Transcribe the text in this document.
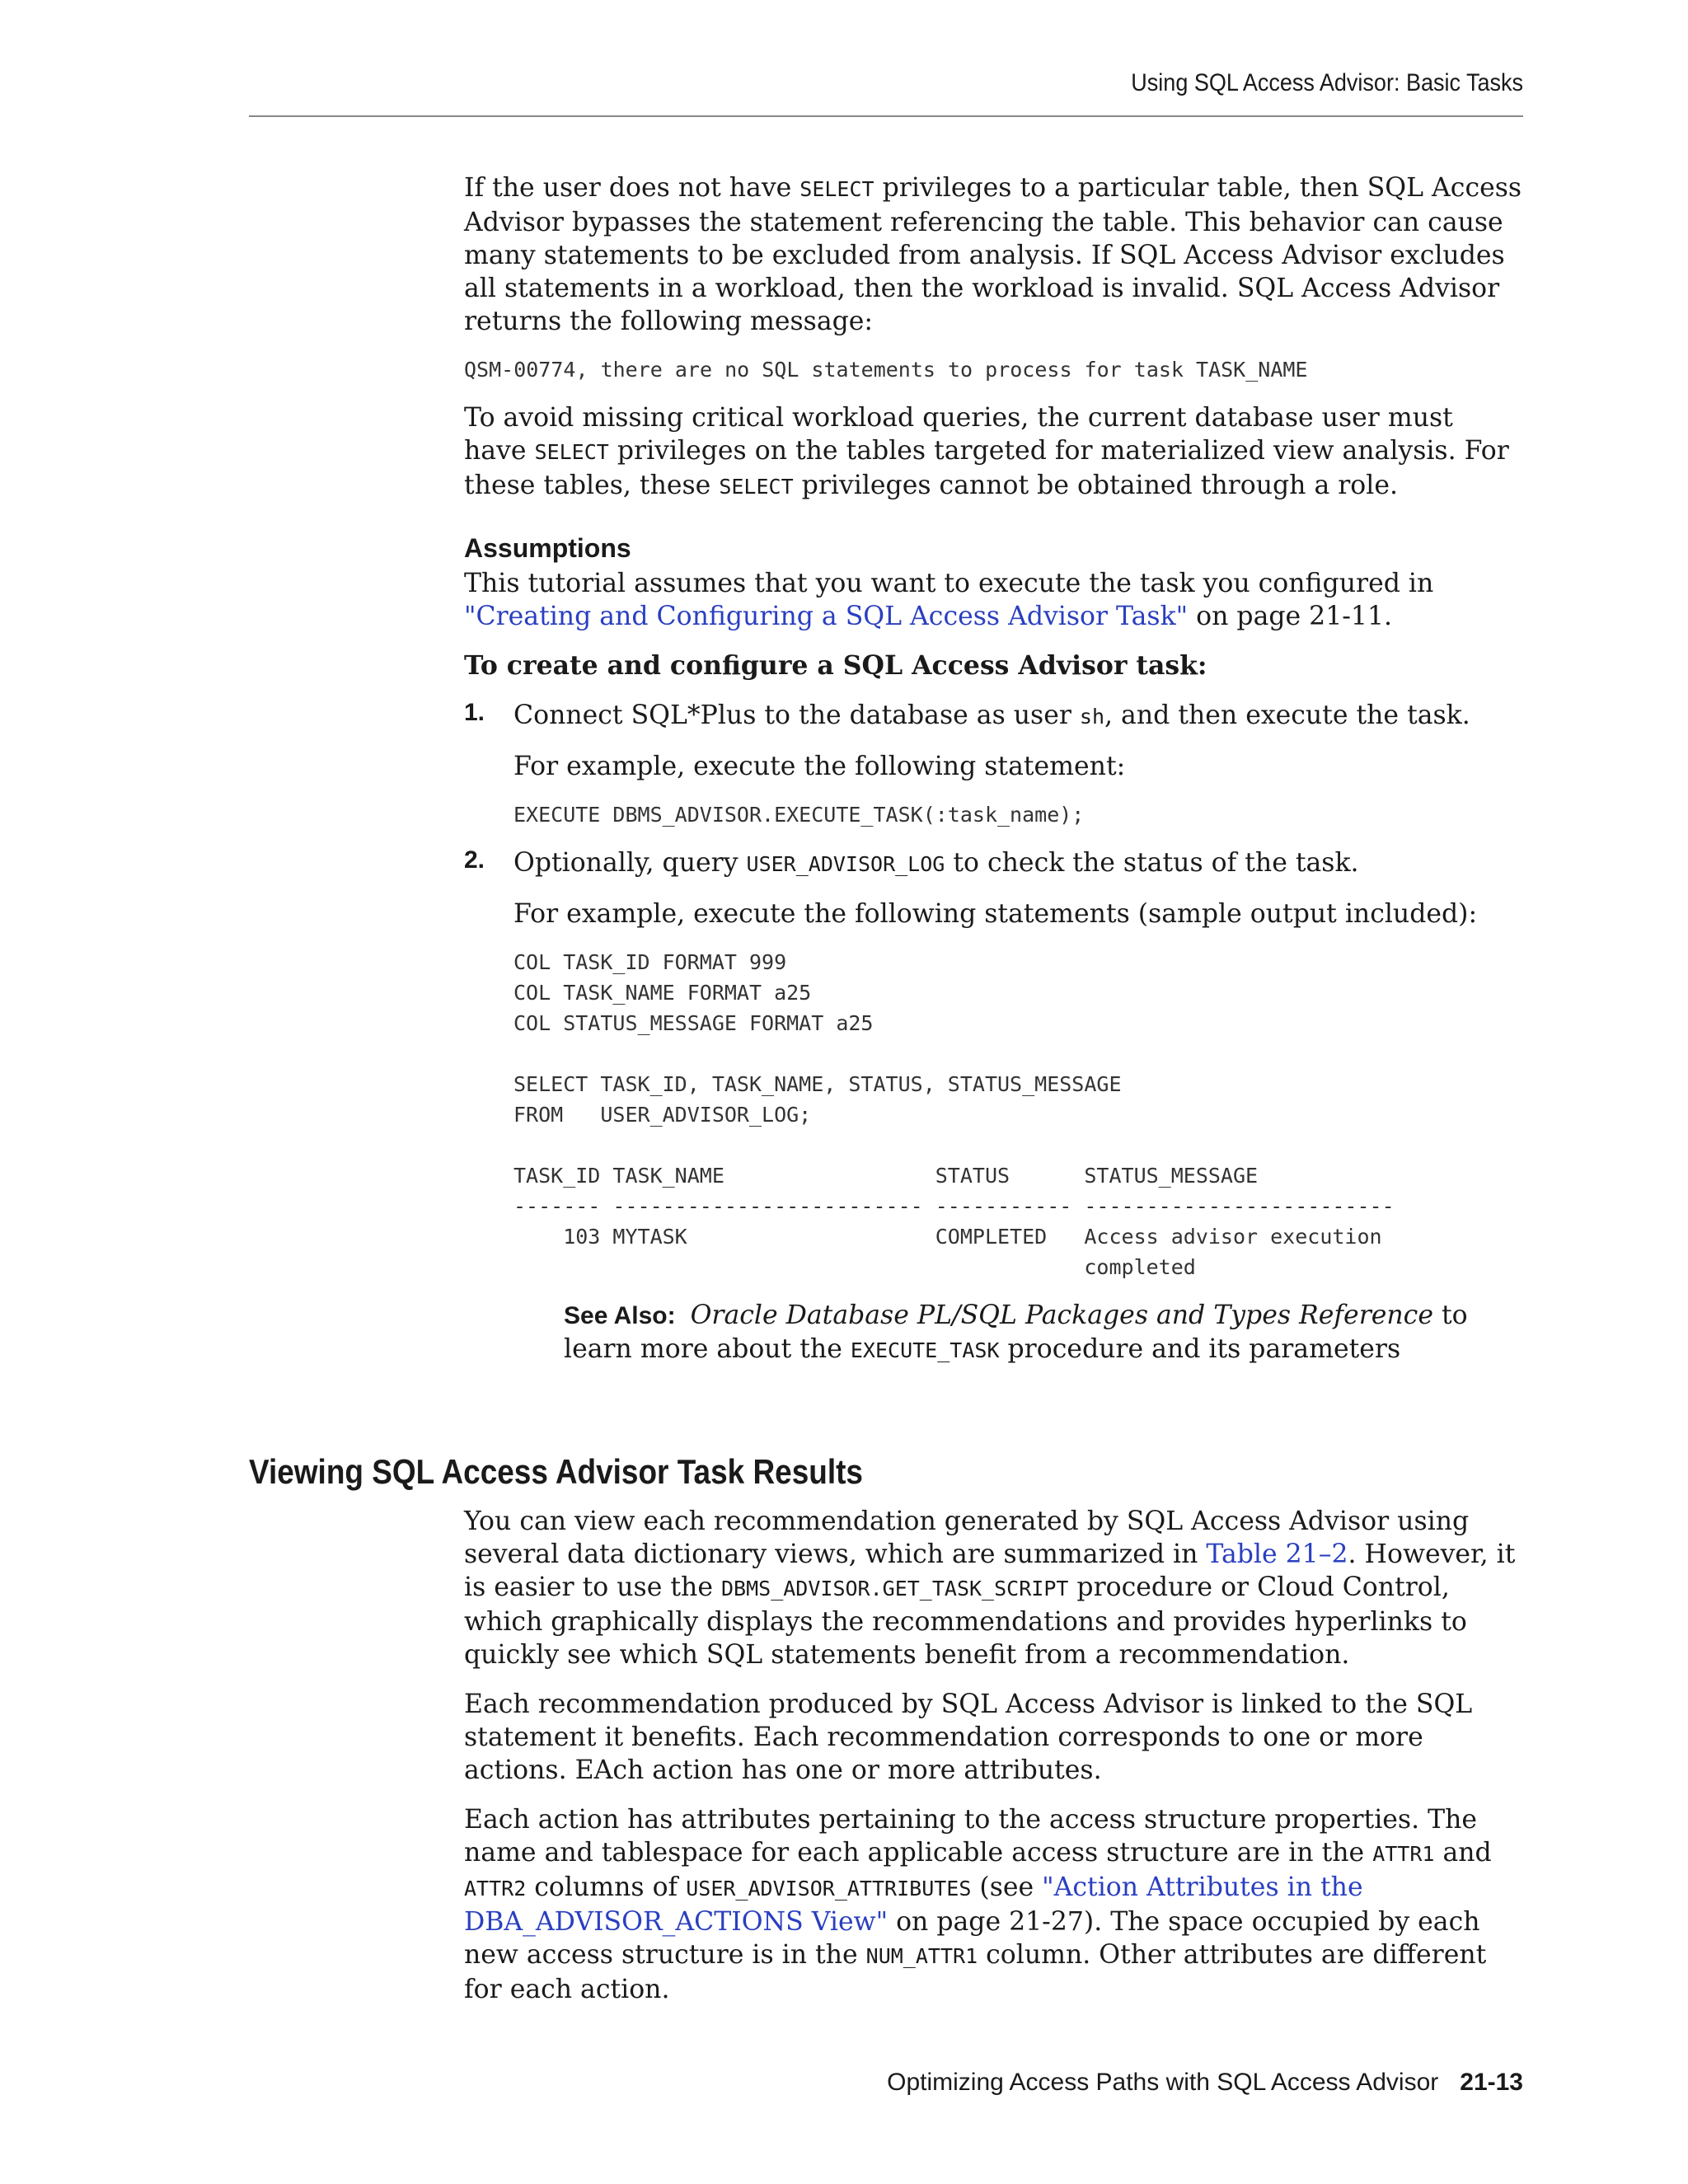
Using SQL Access Advisor: Basic Tasks

If the user does not have SELECT privileges to a particular table, then SQL Access Advisor bypasses the statement referencing the table. This behavior can cause many statements to be excluded from analysis. If SQL Access Advisor excludes all statements in a workload, then the workload is invalid. SQL Access Advisor returns the following message:

QSM-00774, there are no SQL statements to process for task TASK_NAME

To avoid missing critical workload queries, the current database user must have SELECT privileges on the tables targeted for materialized view analysis. For these tables, these SELECT privileges cannot be obtained through a role.

Assumptions

This tutorial assumes that you want to execute the task you configured in "Creating and Configuring a SQL Access Advisor Task" on page 21-11.

To create and configure a SQL Access Advisor task:

1. Connect SQL*Plus to the database as user sh, and then execute the task.

For example, execute the following statement:

EXECUTE DBMS_ADVISOR.EXECUTE_TASK(:task_name);
2. Optionally, query USER_ADVISOR_LOG to check the status of the task.

For example, execute the following statements (sample output included):

COL TASK_ID FORMAT 999
COL TASK_NAME FORMAT a25
COL STATUS_MESSAGE FORMAT a25

SELECT TASK_ID, TASK_NAME, STATUS, STATUS_MESSAGE
FROM   USER_ADVISOR_LOG;

TASK_ID TASK_NAME                 STATUS      STATUS_MESSAGE
------- ------------------------- ----------- -------------------------
103 MYTASK                    COMPLETED   Access advisor execution
completed

See Also: Oracle Database PL/SQL Packages and Types Reference to learn more about the EXECUTE_TASK procedure and its parameters

Viewing SQL Access Advisor Task Results

You can view each recommendation generated by SQL Access Advisor using several data dictionary views, which are summarized in Table 21–2. However, it is easier to use the DBMS_ADVISOR.GET_TASK_SCRIPT procedure or Cloud Control, which graphically displays the recommendations and provides hyperlinks to quickly see which SQL statements benefit from a recommendation.

Each recommendation produced by SQL Access Advisor is linked to the SQL statement it benefits. Each recommendation corresponds to one or more actions. EAch action has one or more attributes.

Each action has attributes pertaining to the access structure properties. The name and tablespace for each applicable access structure are in the ATTR1 and ATTR2 columns of USER_ADVISOR_ATTRIBUTES (see "Action Attributes in the DBA_ADVISOR_ACTIONS View" on page 21-27). The space occupied by each new access structure is in the NUM_ATTR1 column. Other attributes are different for each action.

Optimizing Access Paths with SQL Access Advisor 21-13
